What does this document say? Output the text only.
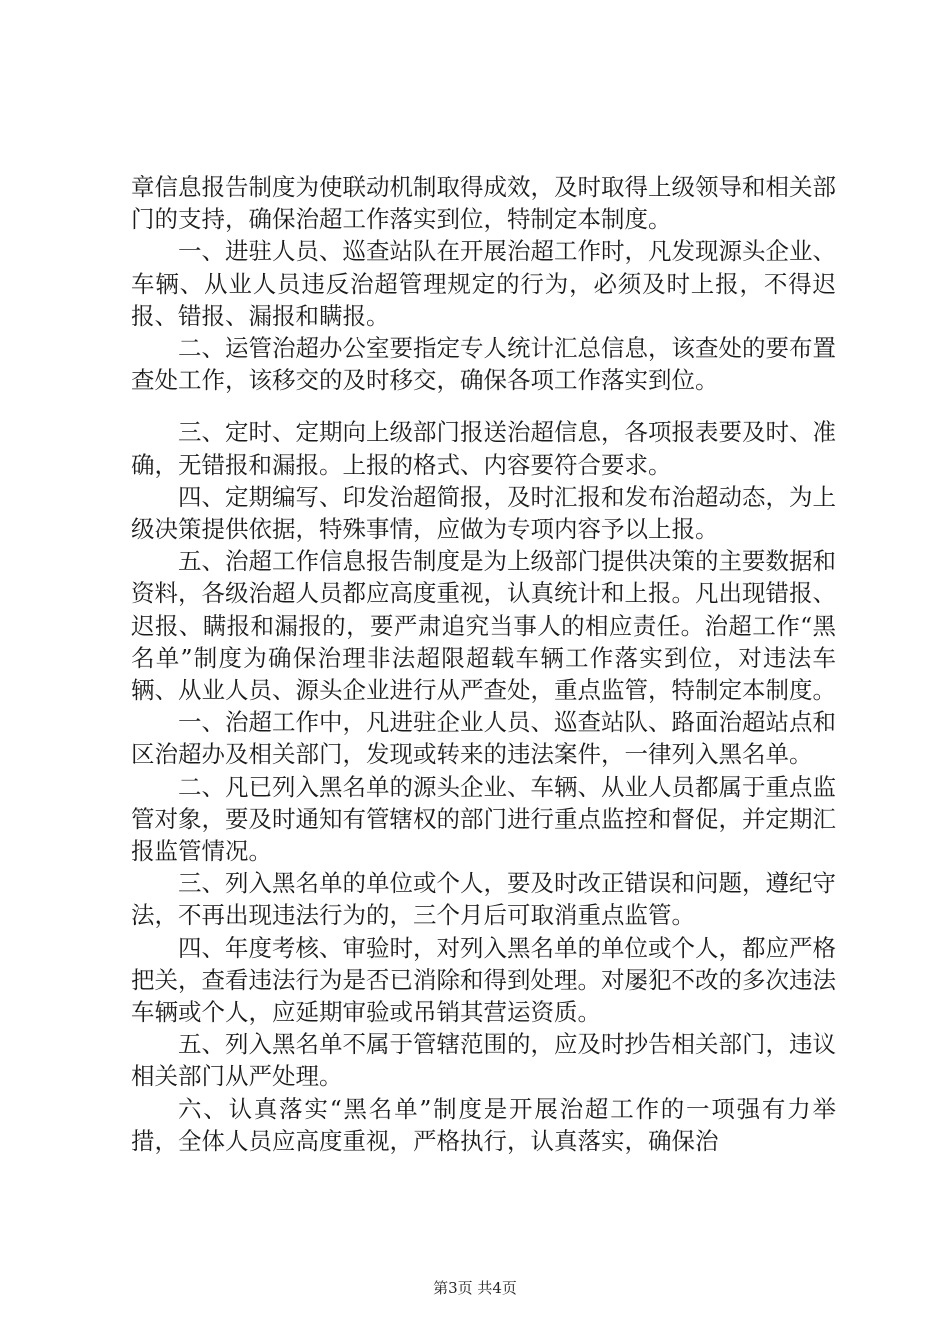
章信息报告制度为使联动机制取得成效，及时取得上级领导和相关部门的支持，确保治超工作落实到位，特制定本制度。

一、进驻人员、巡查站队在开展治超工作时，凡发现源头企业、车辆、从业人员违反治超管理规定的行为，必须及时上报，不得迟报、错报、漏报和瞒报。

二、运管治超办公室要指定专人统计汇总信息，该查处的要布置查处工作，该移交的及时移交，确保各项工作落实到位。

三、定时、定期向上级部门报送治超信息，各项报表要及时、准确，无错报和漏报。上报的格式、内容要符合要求。

四、定期编写、印发治超简报，及时汇报和发布治超动态，为上级决策提供依据，特殊事情，应做为专项内容予以上报。

五、治超工作信息报告制度是为上级部门提供决策的主要数据和资料，各级治超人员都应高度重视，认真统计和上报。凡出现错报、迟报、瞒报和漏报的，要严肃追究当事人的相应责任。治超工作“黑名单”制度为确保治理非法超限超载车辆工作落实到位，对违法车辆、从业人员、源头企业进行从严查处，重点监管，特制定本制度。

一、治超工作中，凡进驻企业人员、巡查站队、路面治超站点和区治超办及相关部门，发现或转来的违法案件，一律列入黑名单。

二、凡已列入黑名单的源头企业、车辆、从业人员都属于重点监管对象，要及时通知有管辖权的部门进行重点监控和督促，并定期汇报监管情况。

三、列入黑名单的单位或个人，要及时改正错误和问题，遵纪守法，不再出现违法行为的，三个月后可取消重点监管。

四、年度考核、审验时，对列入黑名单的单位或个人，都应严格把关，查看违法行为是否已消除和得到处理。对屡犯不改的多次违法车辆或个人，应延期审验或吊销其营运资质。

五、列入黑名单不属于管辖范围的，应及时抄告相关部门，违议相关部门从严处理。

六、认真落实“黑名单”制度是开展治超工作的一项强有力举措，全体人员应高度重视，严格执行，认真落实，确保治

第3页 共4页
